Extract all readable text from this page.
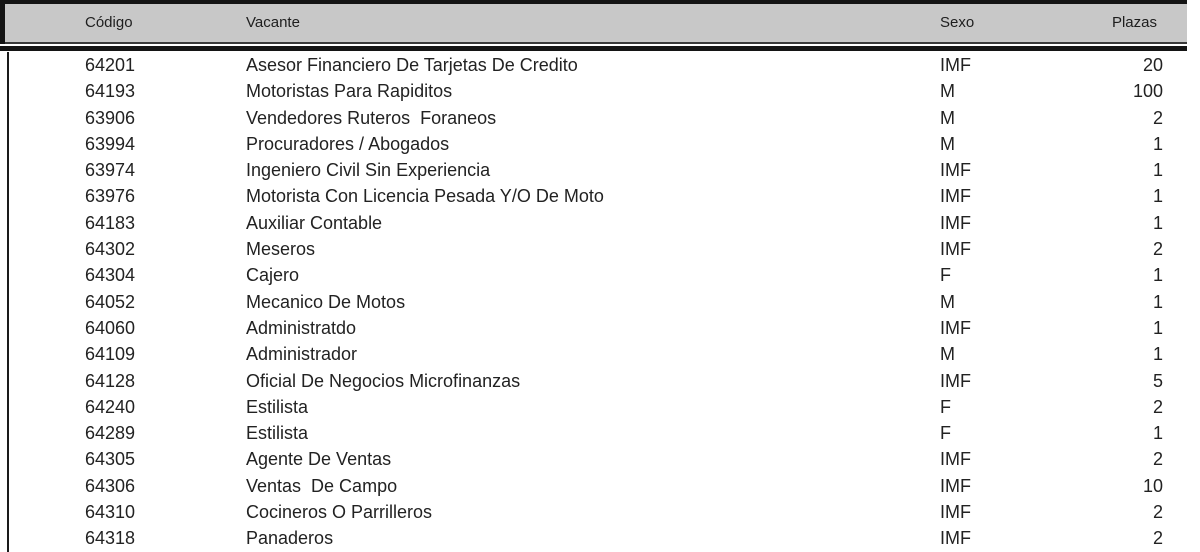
Código	Vacante	Sexo	Plazas
64201	Asesor Financiero De Tarjetas De Credito	IMF	20
64193	Motoristas Para Rapiditos	M	100
63906	Vendedores Ruteros  Foraneos	M	2
63994	Procuradores / Abogados	M	1
63974	Ingeniero Civil Sin Experiencia	IMF	1
63976	Motorista Con Licencia Pesada Y/O De Moto	IMF	1
64183	Auxiliar Contable	IMF	1
64302	Meseros	IMF	2
64304	Cajero	F	1
64052	Mecanico De Motos	M	1
64060	Administratdo	IMF	1
64109	Administrador	M	1
64128	Oficial De Negocios Microfinanzas	IMF	5
64240	Estilista	F	2
64289	Estilista	F	1
64305	Agente De Ventas	IMF	2
64306	Ventas  De Campo	IMF	10
64310	Cocineros O Parrilleros	IMF	2
64318	Panaderos	IMF	2
